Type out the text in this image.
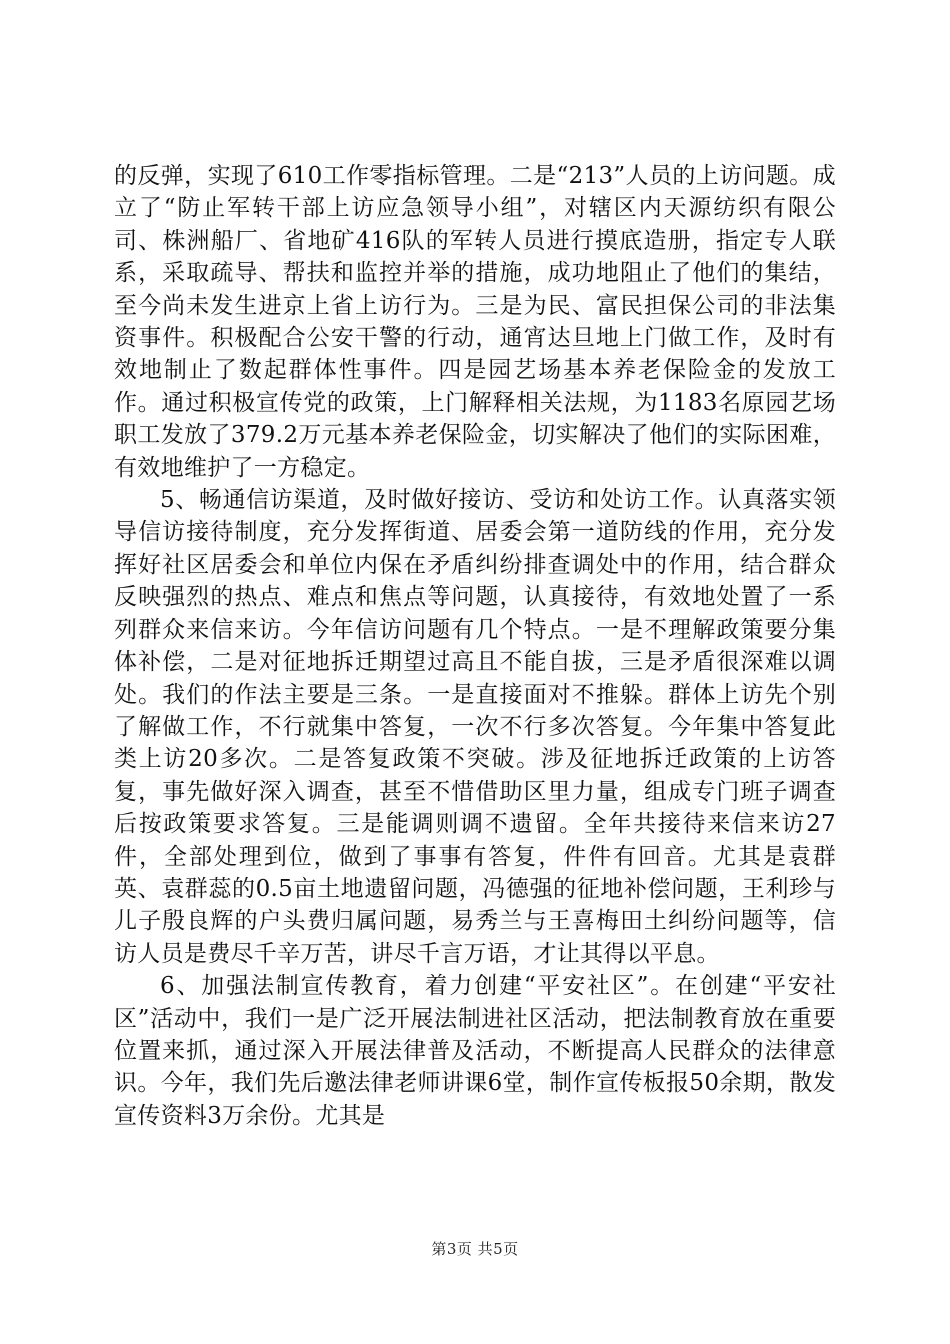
的反弹，实现了610工作零指标管理。二是“213”人员的上访问题。成立了“防止军转干部上访应急领导小组”，对辖区内天源纺织有限公司、株洲船厂、省地矿416队的军转人员进行摸底造册，指定专人联系，采取疏导、帮扶和监控并举的措施，成功地阻止了他们的集结，至今尚未发生进京上省上访行为。三是为民、富民担保公司的非法集资事件。积极配合公安干警的行动，通宵达旦地上门做工作，及时有效地制止了数起群体性事件。四是园艺场基本养老保险金的发放工作。通过积极宣传党的政策，上门解释相关法规，为1183名原园艺场职工发放了379.2万元基本养老保险金，切实解决了他们的实际困难，有效地维护了一方稳定。

5、畅通信访渠道，及时做好接访、受访和处访工作。认真落实领导信访接待制度，充分发挥街道、居委会第一道防线的作用，充分发挥好社区居委会和单位内保在矛盾纠纷排查调处中的作用，结合群众反映强烈的热点、难点和焦点等问题，认真接待，有效地处置了一系列群众来信来访。今年信访问题有几个特点。一是不理解政策要分集体补偿，二是对征地拆迁期望过高且不能自拔，三是矛盾很深难以调处。我们的作法主要是三条。一是直接面对不推躲。群体上访先个别了解做工作，不行就集中答复，一次不行多次答复。今年集中答复此类上访20多次。二是答复政策不突破。涉及征地拆迁政策的上访答复，事先做好深入调查，甚至不惜借助区里力量，组成专门班子调查后按政策要求答复。三是能调则调不遗留。全年共接待来信来访27件，全部处理到位，做到了事事有答复，件件有回音。尤其是袁群英、袁群蕊的0.5亩土地遗留问题，冯德强的征地补偿问题，王利珍与儿子殷良辉的户头费归属问题，易秀兰与王喜梅田土纠纷问题等，信访人员是费尽千辛万苦，讲尽千言万语，才让其得以平息。

6、加强法制宣传教育，着力创建“平安社区”。在创建“平安社区”活动中，我们一是广泛开展法制进社区活动，把法制教育放在重要位置来抓，通过深入开展法律普及活动，不断提高人民群众的法律意识。今年，我们先后邀法律老师讲课6堂，制作宣传板报50余期，散发宣传资料3万余份。尤其是

第3页 共5页
